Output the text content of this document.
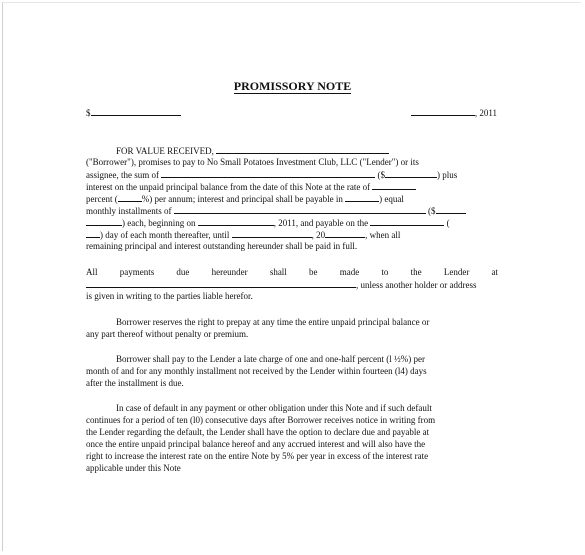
PROMISSORY NOTE
$	, 2011
FOR VALUE RECEIVED,
("Borrower"), promises to pay to No Small Potatoes Investment Club, LLC ("Lender") or its
assignee, the sum of	($	) plus
interest on the unpaid principal balance from the date of this Note at the rate of
percent (	%) per annum; interest and principal shall be payable in	) equal
monthly installments of	($
) each, beginning on	, 2011, and payable on the	(
) day of each month thereafter, until	, 20	, when all
remaining principal and interest outstanding hereunder shall be paid in full.
All payments due hereunder shall be made to the Lender at
, unless another holder or address
is given in writing to the parties liable herefor.
Borrower reserves the right to prepay at any time the entire unpaid principal balance or
any part thereof without penalty or premium.
Borrower shall pay to the Lender a late charge of one and one-half percent (l ½%) per
month of and for any monthly installment not received by the Lender within fourteen (l4) days
after the installment is due.
In case of default in any payment or other obligation under this Note and if such default
continues for a period of ten (l0) consecutive days after Borrower receives notice in writing from
the Lender regarding the default, the Lender shall have the option to declare due and payable at
once the entire unpaid principal balance hereof and any accrued interest and will also have the
right to increase the interest rate on the entire Note by 5% per year in excess of the interest rate
applicable under this Note
